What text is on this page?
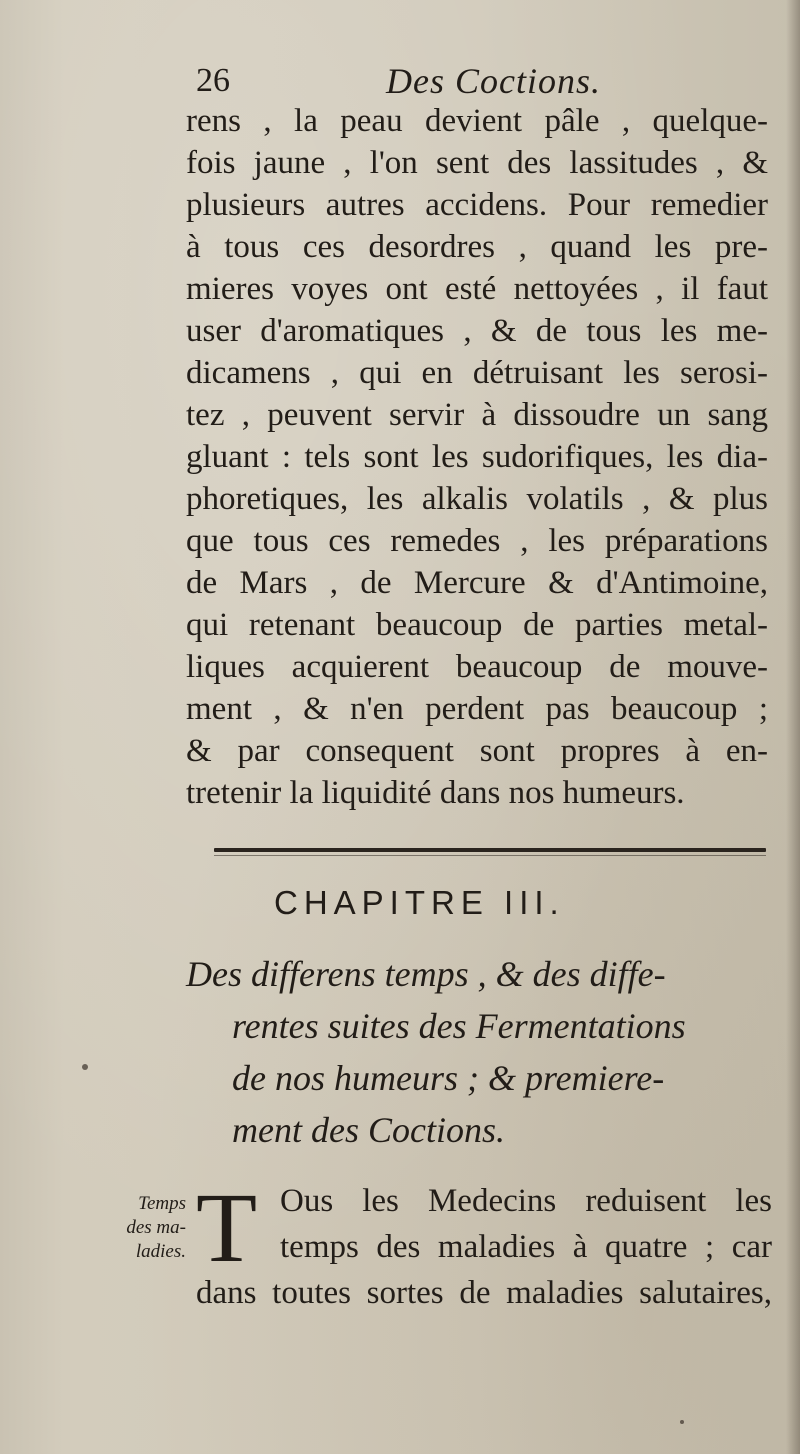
26	Des Coctions.
rens , la peau devient pâle , quelque-
fois jaune , l'on sent des lassitudes , &
plusieurs autres accidens. Pour remedier
à tous ces desordres , quand les pre-
mieres voyes ont esté nettoyées , il faut
user d'aromatiques , & de tous les me-
dicamens , qui en détruisant les serosi-
tez , peuvent servir à dissoudre un sang
gluant : tels sont les sudorifiques, les dia-
phoretiques, les alkalis volatils , & plus
que tous ces remedes , les préparations
de Mars , de Mercure & d'Antimoine,
qui retenant beaucoup de parties metal-
liques acquierent beaucoup de mouve-
ment , & n'en perdent pas beaucoup ;
& par consequent sont propres à en-
tretenir la liquidité dans nos humeurs.
CHAPITRE III.
Des differens temps , & des diffe-
rentes suites des Fermentations
de nos humeurs ; & premiere-
ment des Coctions.
Temps
des ma-
ladies. T Ous les Medecins reduisent les
temps des maladies à quatre ; car
dans toutes sortes de maladies salutaires,
